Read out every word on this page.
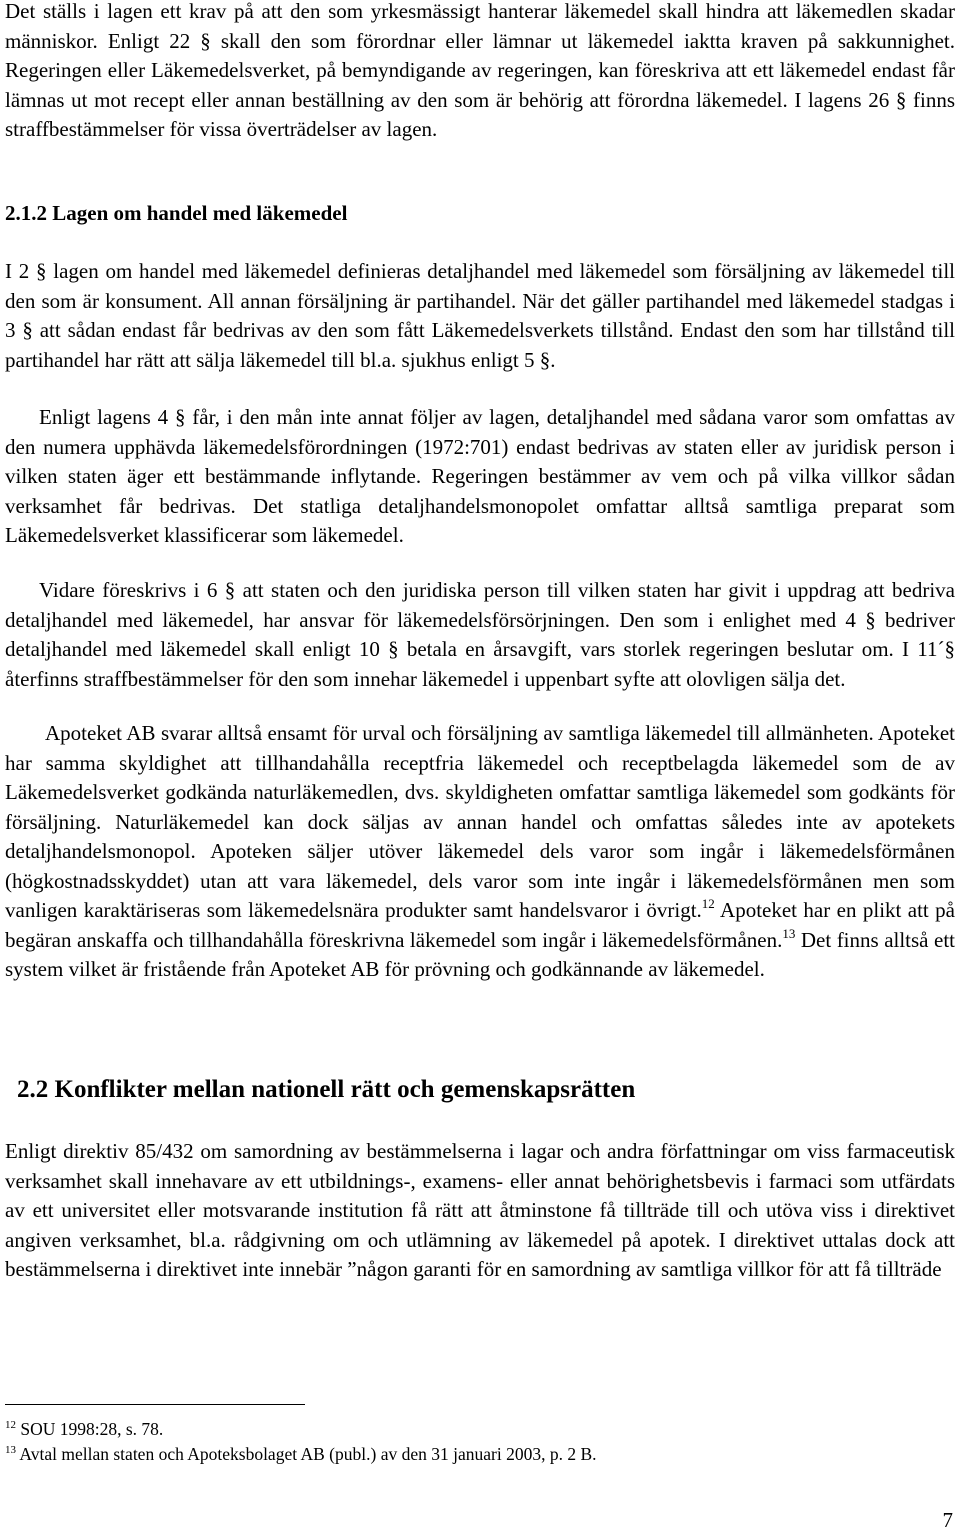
Det ställs i lagen ett krav på att den som yrkesmässigt hanterar läkemedel skall hindra att läkemedlen skadar människor. Enligt 22 § skall den som förordnar eller lämnar ut läkemedel iaktta kraven på sakkunnighet. Regeringen eller Läkemedelsverket, på bemyndigande av regeringen, kan föreskriva att ett läkemedel endast får lämnas ut mot recept eller annan beställning av den som är behörig att förordna läkemedel. I lagens 26 § finns straffbestämmelser för vissa överträdelser av lagen.

2.1.2 Lagen om handel med läkemedel

I 2 § lagen om handel med läkemedel definieras detaljhandel med läkemedel som försäljning av läkemedel till den som är konsument. All annan försäljning är partihandel. När det gäller partihandel med läkemedel stadgas i 3 § att sådan endast får bedrivas av den som fått Läkemedelsverkets tillstånd. Endast den som har tillstånd till partihandel har rätt att sälja läkemedel till bl.a. sjukhus enligt 5 §.

Enligt lagens 4 § får, i den mån inte annat följer av lagen, detaljhandel med sådana varor som omfattas av den numera upphävda läkemedelsförordningen (1972:701) endast bedrivas av staten eller av juridisk person i vilken staten äger ett bestämmande inflytande. Regeringen bestämmer av vem och på vilka villkor sådan verksamhet får bedrivas. Det statliga detaljhandelsmonopolet omfattar alltså samtliga preparat som Läkemedelsverket klassificerar som läkemedel.

Vidare föreskrivs i 6 § att staten och den juridiska person till vilken staten har givit i uppdrag att bedriva detaljhandel med läkemedel, har ansvar för läkemedelsförsörjningen. Den som i enlighet med 4 § bedriver detaljhandel med läkemedel skall enligt 10 § betala en årsavgift, vars storlek regeringen beslutar om. I 11´§ återfinns straffbestämmelser för den som innehar läkemedel i uppenbart syfte att olovligen sälja det.

Apoteket AB svarar alltså ensamt för urval och försäljning av samtliga läkemedel till allmänheten. Apoteket har samma skyldighet att tillhandahålla receptfria läkemedel och receptbelagda läkemedel som de av Läkemedelsverket godkända naturläkemedlen, dvs. skyldigheten omfattar samtliga läkemedel som godkänts för försäljning. Naturläkemedel kan dock säljas av annan handel och omfattas således inte av apotekets detaljhandelsmonopol. Apoteken säljer utöver läkemedel dels varor som ingår i läkemedelsförmånen (högkostnadsskyddet) utan att vara läkemedel, dels varor som inte ingår i läkemedelsförmånen men som vanligen karaktäriseras som läkemedelsnära produkter samt handelsvaror i övrigt.$^{12}$ Apoteket har en plikt att på begäran anskaffa och tillhandahålla föreskrivna läkemedel som ingår i läkemedelsförmånen.$^{13}$ Det finns alltså ett system vilket är fristående från Apoteket AB för prövning och godkännande av läkemedel.

2.2 Konflikter mellan nationell rätt och gemenskapsrätten

Enligt direktiv 85/432 om samordning av bestämmelserna i lagar och andra författningar om viss farmaceutisk verksamhet skall innehavare av ett utbildnings-, examens- eller annat behörighetsbevis i farmaci som utfärdats av ett universitet eller motsvarande institution få rätt att åtminstone få tillträde till och utöva viss i direktivet angiven verksamhet, bl.a. rådgivning om och utlämning av läkemedel på apotek. I direktivet uttalas dock att bestämmelserna i direktivet inte innebär ”någon garanti för en samordning av samtliga villkor för att få tillträde

$^{12}$ SOU 1998:28, s. 78.
$^{13}$ Avtal mellan staten och Apoteksbolaget AB (publ.) av den 31 januari 2003, p. 2 B.
7
